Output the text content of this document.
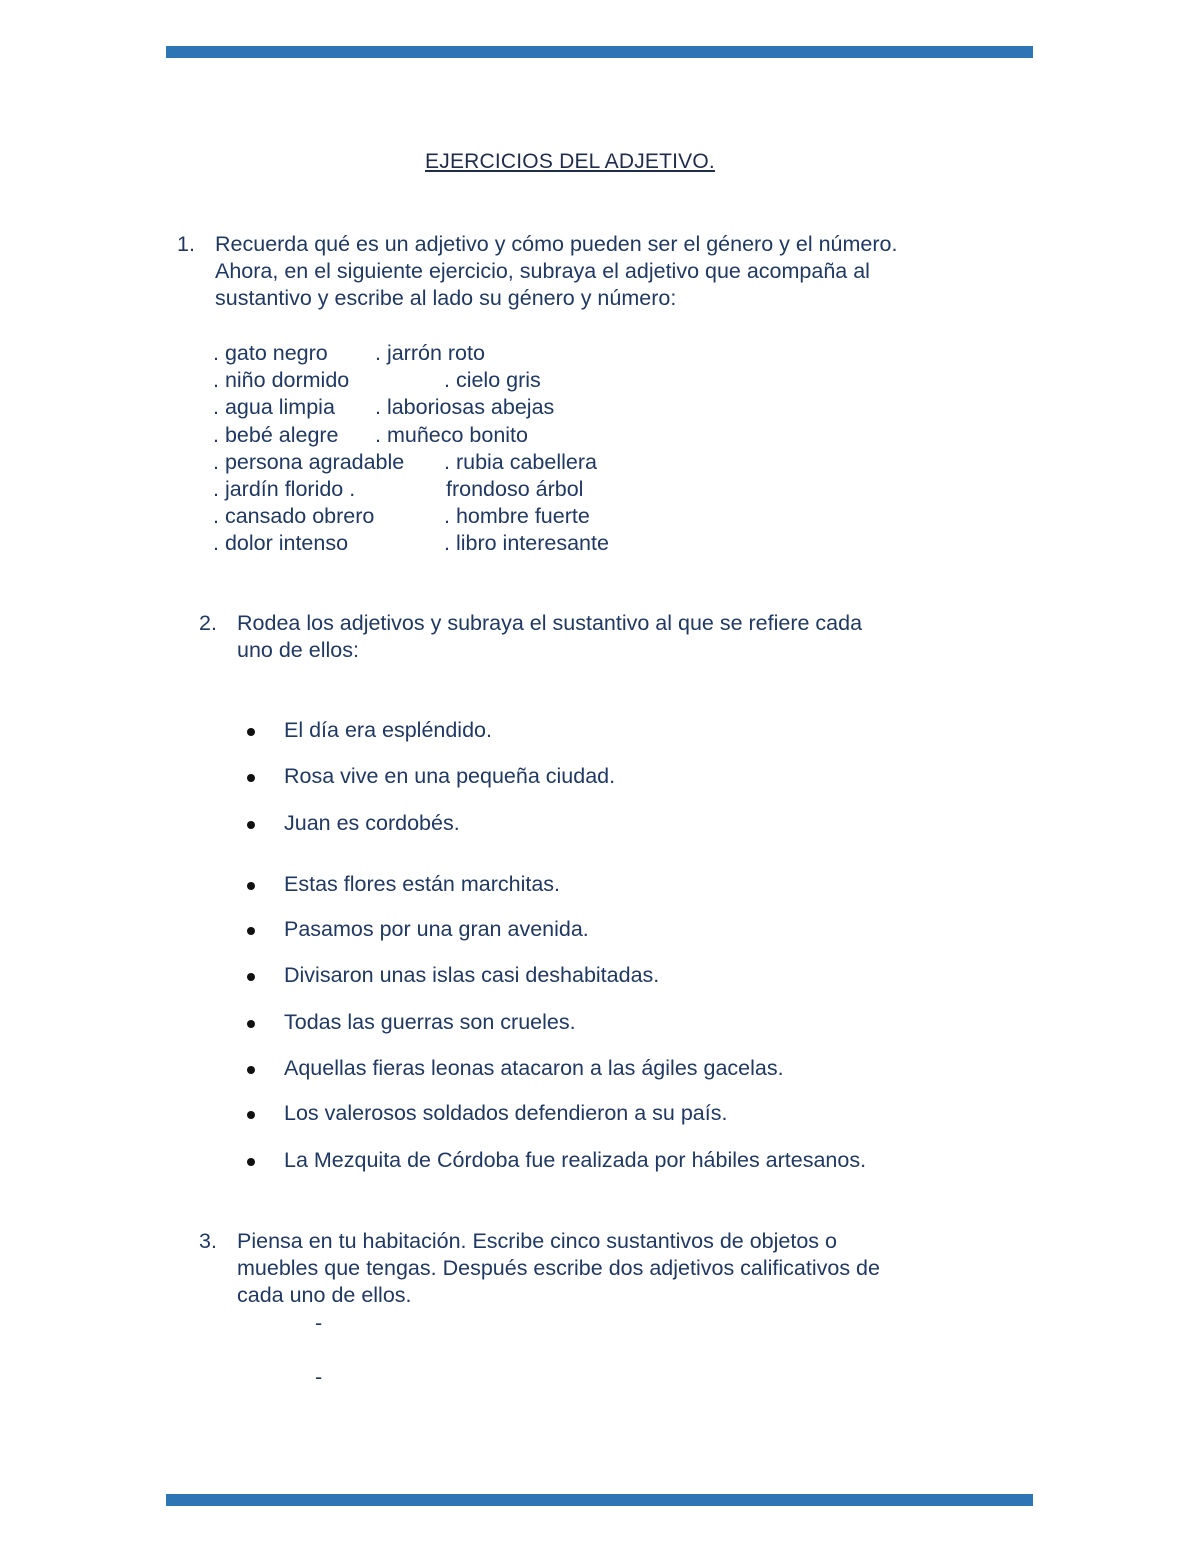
EJERCICIOS DEL ADJETIVO.
1. Recuerda qué es un adjetivo y cómo pueden ser el género y el número.
Ahora, en el siguiente ejercicio, subraya el adjetivo que acompaña al
sustantivo y escribe al lado su género y número:
. gato negro
. niño dormido
. agua limpia
. bebé alegre
. persona agradable
. jardín florido .
. cansado obrero
. dolor intenso
. jarrón roto
. cielo gris
. laboriosas abejas
. muñeco bonito
. rubia cabellera
frondoso árbol
. hombre fuerte
. libro interesante
2. Rodea los adjetivos y subraya el sustantivo al que se refiere cada
uno de ellos:
El día era espléndido.
Rosa vive en una pequeña ciudad.
Juan es cordobés.
Estas flores están marchitas.
Pasamos por una gran avenida.
Divisaron unas islas casi deshabitadas.
Todas las guerras son crueles.
Aquellas fieras leonas atacaron a las ágiles gacelas.
Los valerosos soldados defendieron a su país.
La Mezquita de Córdoba fue realizada por hábiles artesanos.
3. Piensa en tu habitación. Escribe cinco sustantivos de objetos o
muebles que tengas. Después escribe dos adjetivos calificativos de
cada uno de ellos.
-
-
